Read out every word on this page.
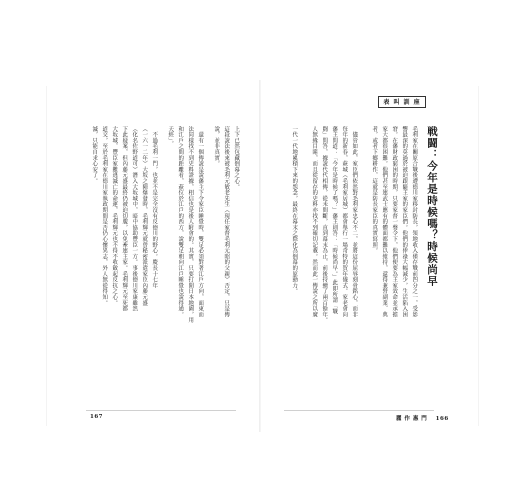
表 叫 訓 座
戦闘：今年是時候嗎？時候尚早
毛利家在關原合戰後遭德川家移封防長，領地收入僅存戰前四分之一，受影
響最深的莫過於被迫跟隨主家的家臣們。他們的俸祿大幅減少，生活陷入困
窘。在藩財政窮困的時期，只要家督一聲令下，他們便要為主家效命並承擔
家大都很困難。他們甚至連武士應有的體面都難以維持，還得兼營副業、典
者，或者下鄉耕作，這就是防長家臣的真實寫照。
　儘管如此，家臣們依然對毛利家忠心不二，並將這份屈辱刻骨銘心，而非
每年的新春，萩城（毛利家居城）都會舉行一場奇特的賀年儀式。家老會向
藩主問道：「今年是時候了嗎？」藩主則答：「時候尚早。」此即所謂「戰
闘」問答，據說代代相傳，從未間斷，直到幕末為止，前後持續了兩百餘年。
人無緣目睹，而且從留存的史料亦找不到確切記載。然而此一傳說之所以廣
一代一代地累積下來的怨念，最終在幕末之際化為倒幕的原動力。
上下已然包藏倒幕之心。
這段說法後來被毛利元敏老先生（現任家督毛利元昭的父親）否定，只是傳
說，並非真實。
　還有一個傳說是說藩主下令家臣睡覺時，雙足必須對著江戶方向，面東而
法同樣找不到史料證據，相信也是後人附會的。其實，只要打開日本地圖，用
和江戶之間的距離看，萩位於江戶的西方，說雙足朝向江戶睡覺也說得通。
天經」。
　不過毛利一門，也並不是完全沒有反德川的野心。慶長十七年
（一六一二年）大坂之陣爆發時，毛利輝元就曾秘密派遣家臣內藤元盛
（化名佐野道可）潛入大坂城中，暗中協助豐臣一方。事後德川家康雖然
下此疑案，但內藤元盛最終仍被迫切腹，以免牽連主家。毛利輝元至死都
大坂城，豐臣家難逃滅亡的命運，毛利輝元也不得不收斂起反抗之心。
道交，至於毛利家在德川家執政期間是否仍心懷異志，外人無從得知。
滅，只能自求心安了。
167	麗 作 惠 門 166
